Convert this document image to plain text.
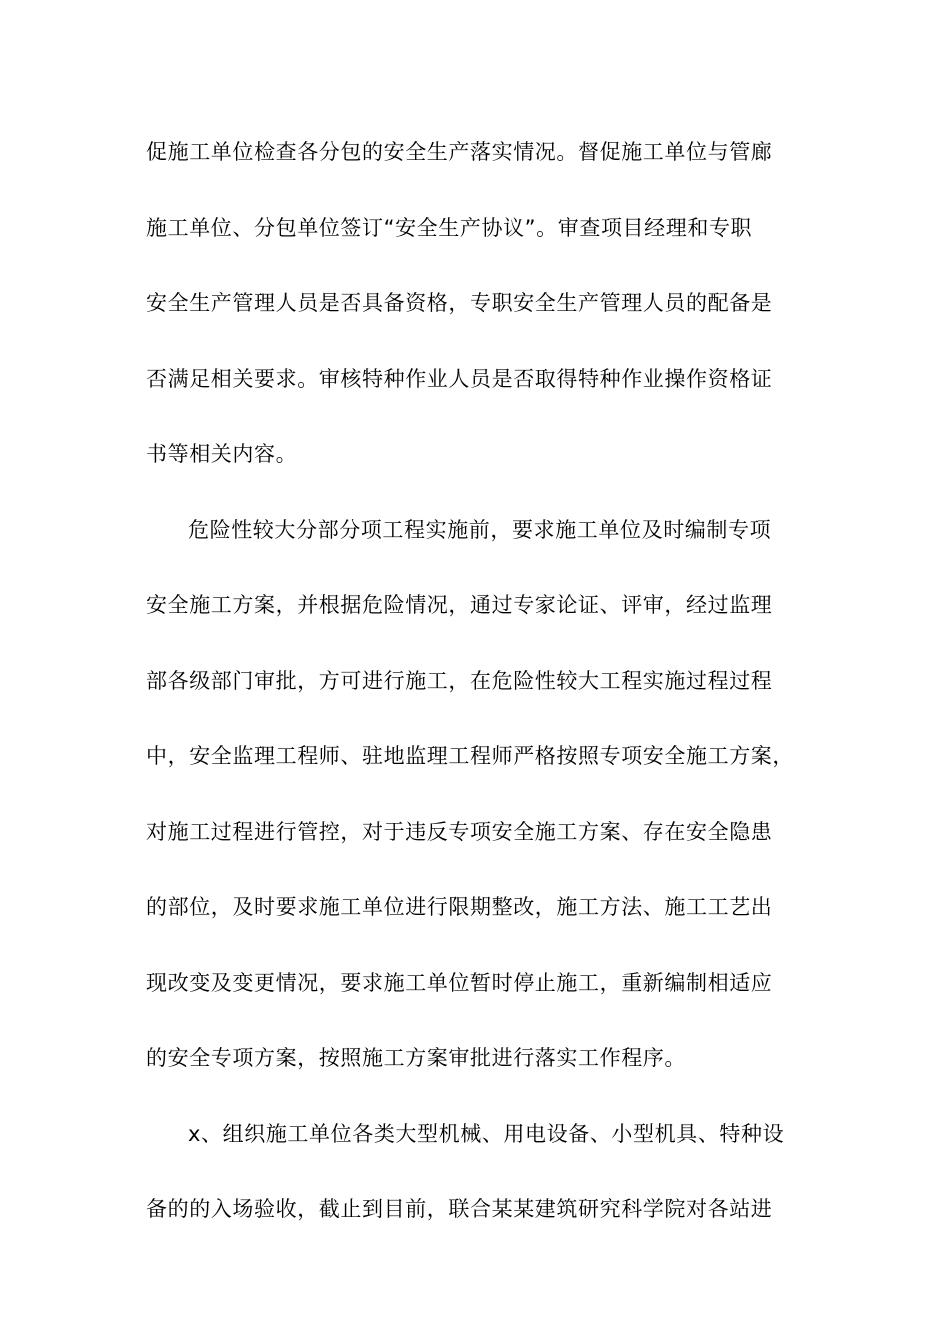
促施工单位检查各分包的安全生产落实情况。督促施工单位与管廊
施工单位、分包单位签订“安全生产协议”。审查项目经理和专职
安全生产管理人员是否具备资格，专职安全生产管理人员的配备是
否满足相关要求。审核特种作业人员是否取得特种作业操作资格证
书等相关内容。
危险性较大分部分项工程实施前，要求施工单位及时编制专项
安全施工方案，并根据危险情况，通过专家论证、评审，经过监理
部各级部门审批，方可进行施工，在危险性较大工程实施过程过程
中，安全监理工程师、驻地监理工程师严格按照专项安全施工方案，
对施工过程进行管控，对于违反专项安全施工方案、存在安全隐患
的部位，及时要求施工单位进行限期整改，施工方法、施工工艺出
现改变及变更情况，要求施工单位暂时停止施工，重新编制相适应
的安全专项方案，按照施工方案审批进行落实工作程序。
x、组织施工单位各类大型机械、用电设备、小型机具、特种设
备的的入场验收，截止到目前，联合某某建筑研究科学院对各站进
